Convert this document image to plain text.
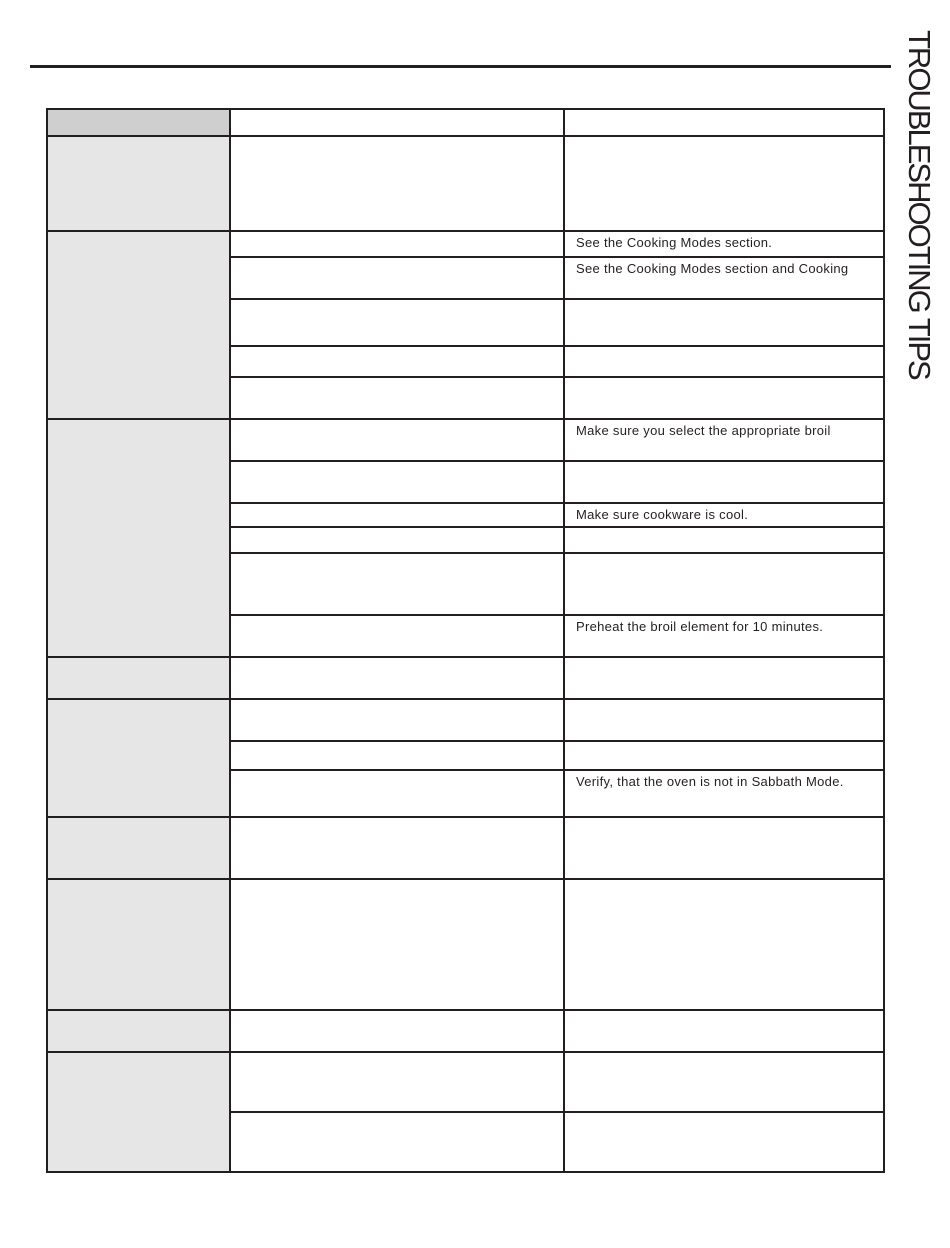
TROUBLESHOOTING TIPS

		See the Cooking Modes section.
		See the Cooking Modes section and Cooking

		Make sure you select the appropriate broil

		Make sure cookware is cool.

		Preheat the broil element for 10 minutes.

		Verify, that the oven is not in Sabbath Mode.
